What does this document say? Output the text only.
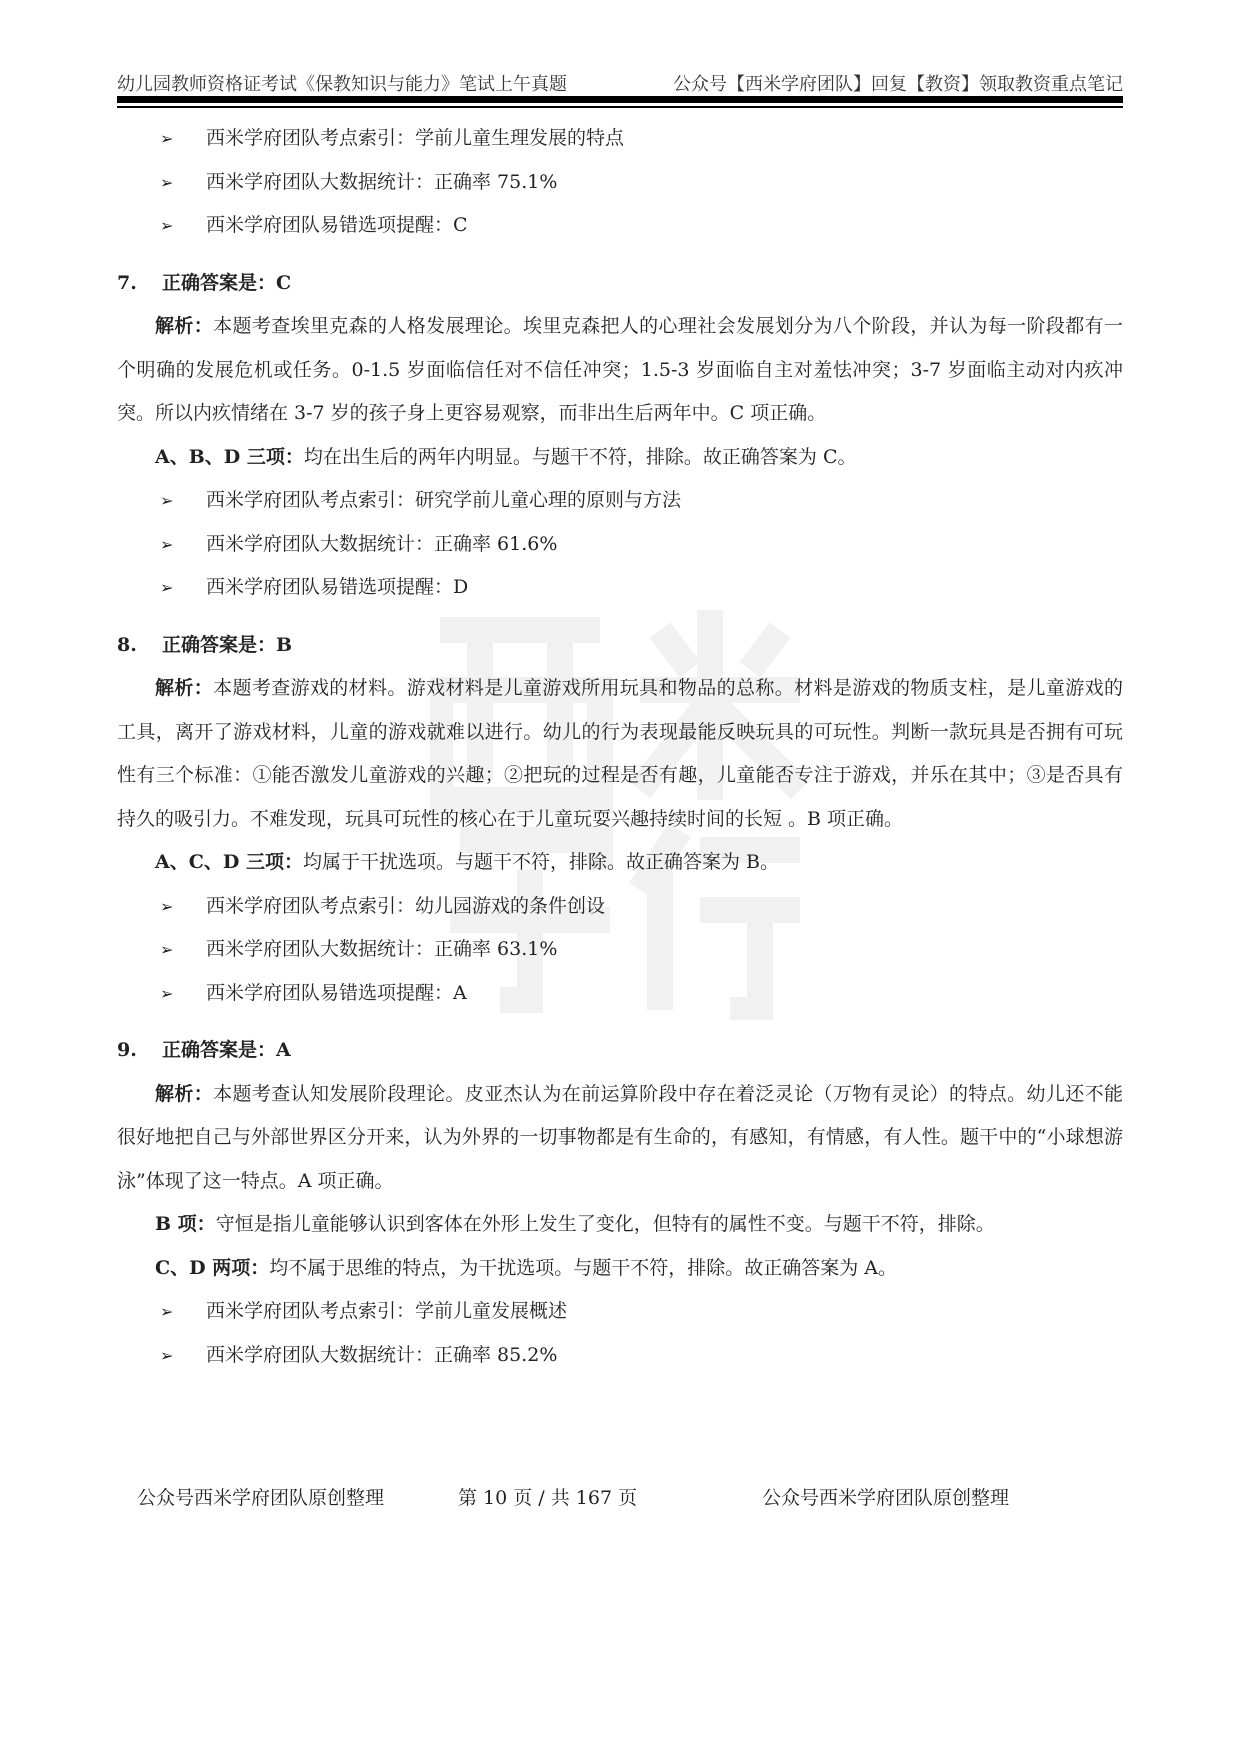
幼儿园教师资格证考试《保教知识与能力》笔试上午真题	公众号【西米学府团队】回复【教资】领取教资重点笔记
➢ 西米学府团队考点索引：学前儿童生理发展的特点
➢ 西米学府团队大数据统计：正确率 75.1%
➢ 西米学府团队易错选项提醒：C
7. 正确答案是：C
解析：本题考查埃里克森的人格发展理论。埃里克森把人的心理社会发展划分为八个阶段，并认为每一阶段都有一个明确的发展危机或任务。0-1.5 岁面临信任对不信任冲突；1.5-3 岁面临自主对羞怯冲突；3-7 岁面临主动对内疚冲突。所以内疚情绪在 3-7 岁的孩子身上更容易观察，而非出生后两年中。C 项正确。
A、B、D 三项：均在出生后的两年内明显。与题干不符，排除。故正确答案为 C。
➢ 西米学府团队考点索引：研究学前儿童心理的原则与方法
➢ 西米学府团队大数据统计：正确率 61.6%
➢ 西米学府团队易错选项提醒：D
8. 正确答案是：B
解析：本题考查游戏的材料。游戏材料是儿童游戏所用玩具和物品的总称。材料是游戏的物质支柱，是儿童游戏的工具，离开了游戏材料，儿童的游戏就难以进行。幼儿的行为表现最能反映玩具的可玩性。判断一款玩具是否拥有可玩性有三个标准：①能否激发儿童游戏的兴趣；②把玩的过程是否有趣，儿童能否专注于游戏，并乐在其中；③是否具有持久的吸引力。不难发现，玩具可玩性的核心在于儿童玩耍兴趣持续时间的长短 。B 项正确。
A、C、D 三项：均属于干扰选项。与题干不符，排除。故正确答案为 B。
➢ 西米学府团队考点索引：幼儿园游戏的条件创设
➢ 西米学府团队大数据统计：正确率 63.1%
➢ 西米学府团队易错选项提醒：A
9. 正确答案是：A
解析：本题考查认知发展阶段理论。皮亚杰认为在前运算阶段中存在着泛灵论（万物有灵论）的特点。幼儿还不能很好地把自己与外部世界区分开来，认为外界的一切事物都是有生命的，有感知，有情感，有人性。题干中的“小球想游泳”体现了这一特点。A 项正确。
B 项：守恒是指儿童能够认识到客体在外形上发生了变化，但特有的属性不变。与题干不符，排除。
C、D 两项：均不属于思维的特点，为干扰选项。与题干不符，排除。故正确答案为 A。
➢ 西米学府团队考点索引：学前儿童发展概述
➢ 西米学府团队大数据统计：正确率 85.2%
公众号西米学府团队原创整理	第 10 页 / 共 167 页	公众号西米学府团队原创整理
